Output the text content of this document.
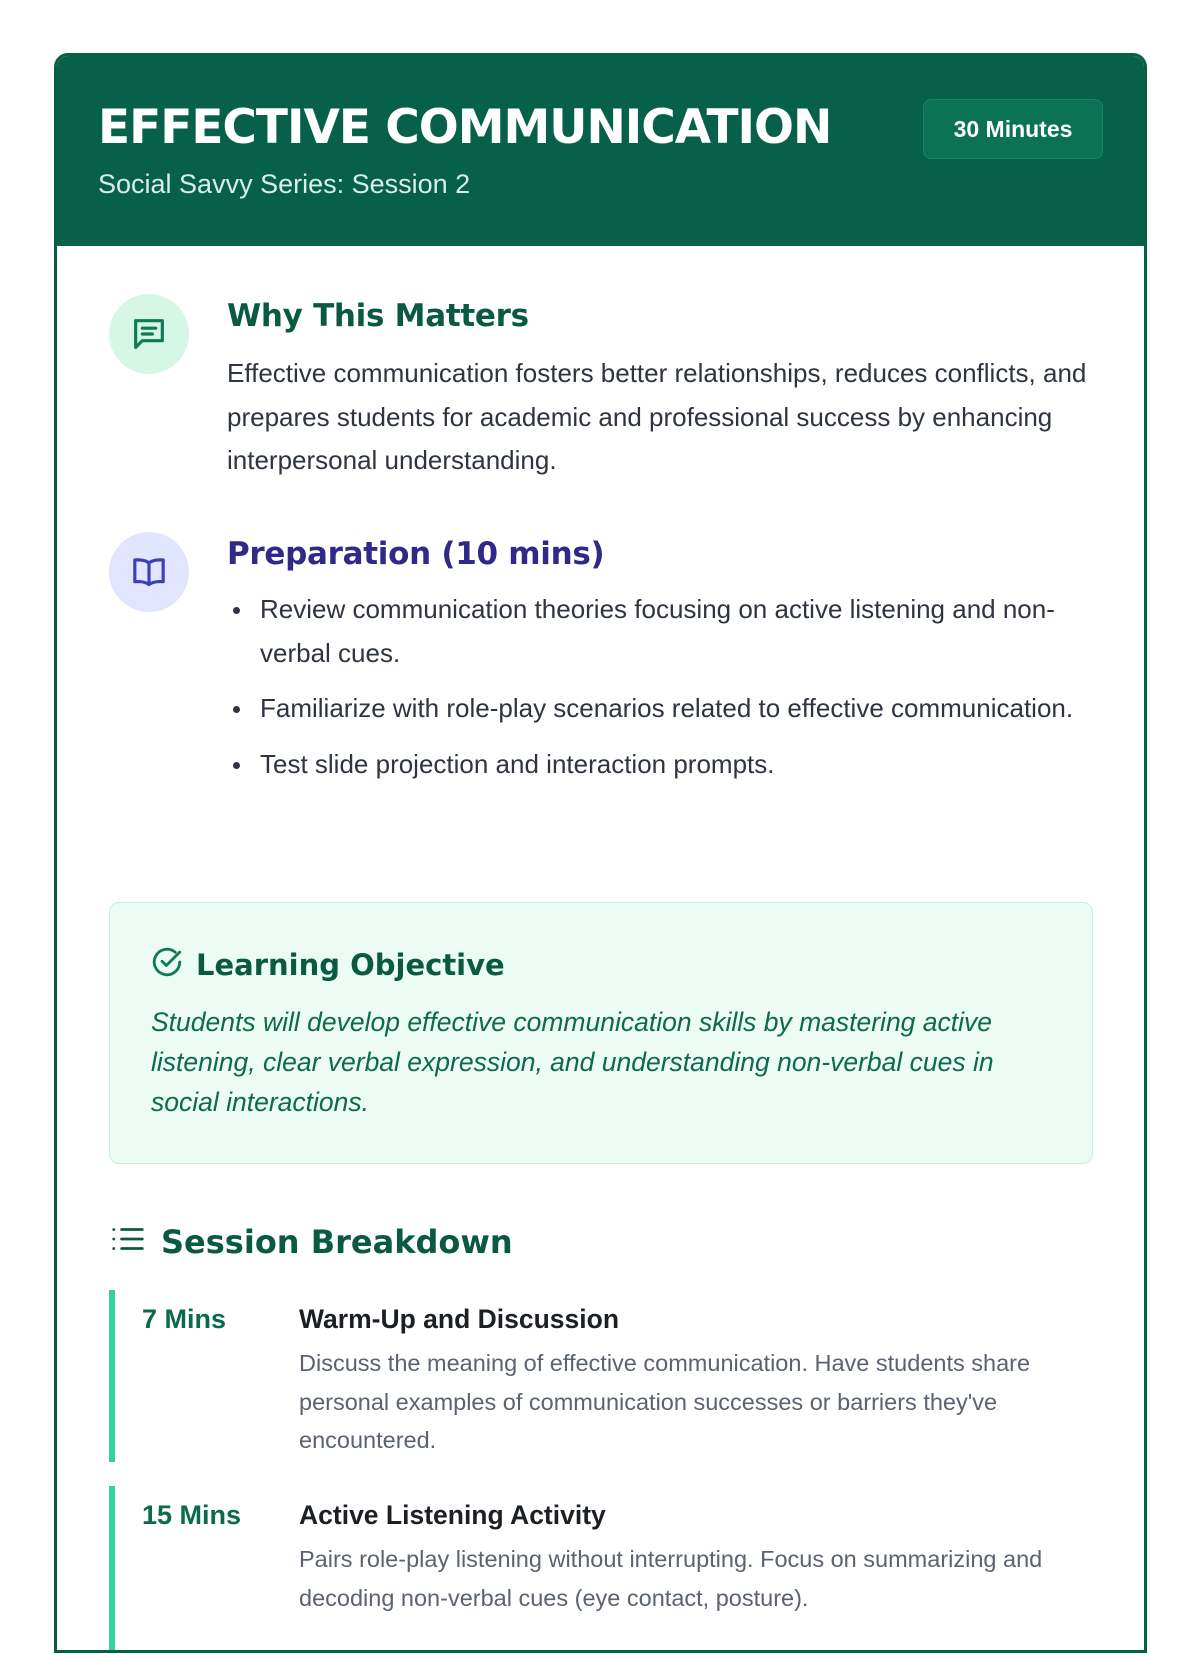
EFFECTIVE COMMUNICATION
Social Savvy Series: Session 2
30 Minutes
Why This Matters
Effective communication fosters better relationships, reduces conflicts, and prepares students for academic and professional success by enhancing interpersonal understanding.
Preparation (10 mins)
Review communication theories focusing on active listening and non-verbal cues.
Familiarize with role-play scenarios related to effective communication.
Test slide projection and interaction prompts.
Learning Objective
Students will develop effective communication skills by mastering active listening, clear verbal expression, and understanding non-verbal cues in social interactions.
Session Breakdown
7 Mins	Warm-Up and Discussion
Discuss the meaning of effective communication. Have students share personal examples of communication successes or barriers they've encountered.
15 Mins Active Listening Activity
Pairs role-play listening without interrupting. Focus on summarizing and decoding non-verbal cues (eye contact, posture).
